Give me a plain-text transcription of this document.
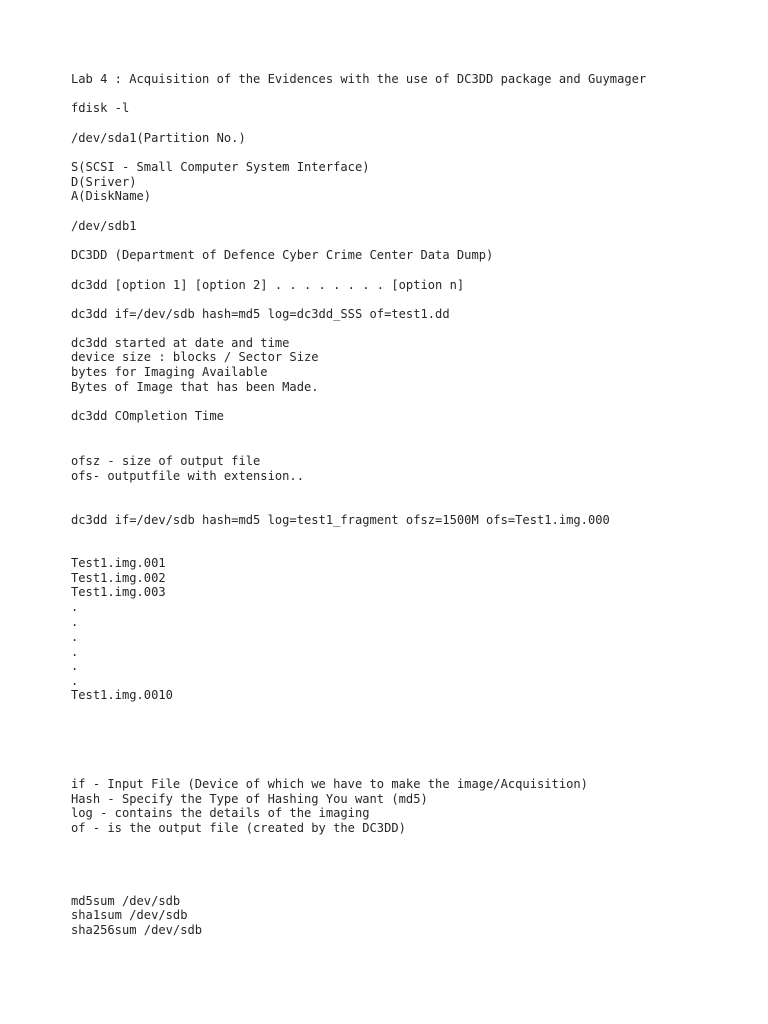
Lab 4 : Acquisition of the Evidences with the use of DC3DD package and Guymager

fdisk -l

/dev/sda1(Partition No.)

S(SCSI - Small Computer System Interface)

D(Sriver)

A(DiskName)

/dev/sdb1

DC3DD (Department of Defence Cyber Crime Center Data Dump)

dc3dd [option 1] [option 2] . . . . . . . . [option n]

dc3dd if=/dev/sdb hash=md5 log=dc3dd_SSS of=test1.dd

dc3dd started at date and time

device size : blocks / Sector Size

bytes for Imaging Available

Bytes of Image that has been Made.

dc3dd COmpletion Time

ofsz - size of output file

ofs- outputfile with extension..

dc3dd if=/dev/sdb hash=md5 log=test1_fragment ofsz=1500M ofs=Test1.img.000

Test1.img.001

Test1.img.002

Test1.img.003

.

.

.

.

.

.

Test1.img.0010

if - Input File (Device of which we have to make the image/Acquisition)

Hash - Specify the Type of Hashing You want (md5)

log - contains the details of the imaging

of - is the output file (created by the DC3DD)

md5sum /dev/sdb

sha1sum /dev/sdb

sha256sum /dev/sdb
